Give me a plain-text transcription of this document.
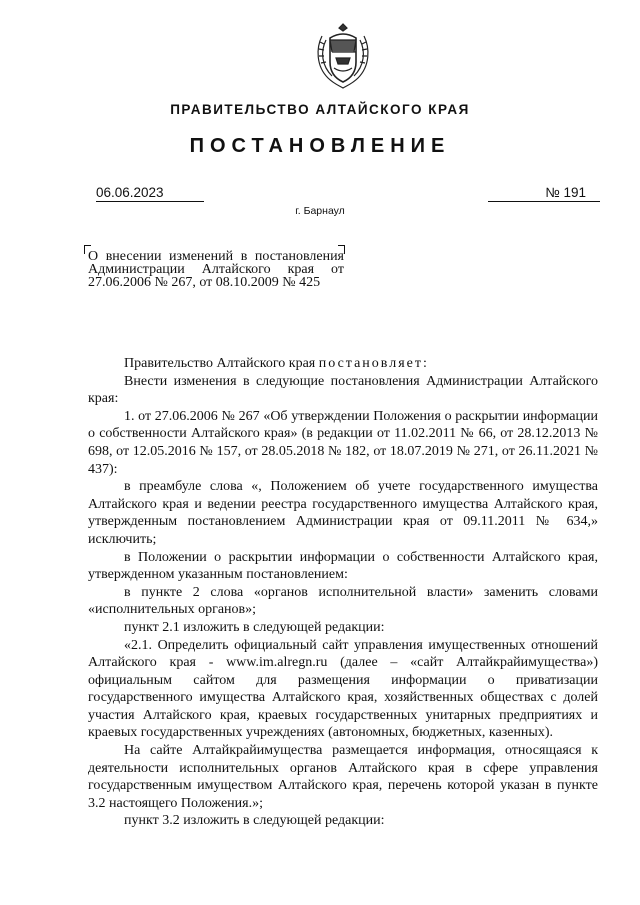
ПРАВИТЕЛЬСТВО АЛТАЙСКОГО КРАЯ
ПОСТАНОВЛЕНИЕ
06.06.2023	№ 191
г. Барнаул
О внесении изменений в постановления Администрации Алтайского края от 27.06.2006 № 267, от 08.10.2009 № 425

Правительство Алтайского края постановляет:

Внести изменения в следующие постановления Администрации Алтайского края:

1. от 27.06.2006 № 267 «Об утверждении Положения о раскрытии информации о собственности Алтайского края» (в редакции от 11.02.2011 № 66, от 28.12.2013 № 698, от 12.05.2016 № 157, от 28.05.2018 № 182, от 18.07.2019 № 271, от 26.11.2021 № 437):

в преамбуле слова «, Положением об учете государственного имущества Алтайского края и ведении реестра государственного имущества Алтайского края, утвержденным постановлением Администрации края от 09.11.2011 № 634,» исключить;

в Положении о раскрытии информации о собственности Алтайского края, утвержденном указанным постановлением:

в пункте 2 слова «органов исполнительной власти» заменить словами «исполнительных органов»;

пункт 2.1 изложить в следующей редакции:

«2.1. Определить официальный сайт управления имущественных отношений Алтайского края - www.im.alregn.ru (далее – «сайт Алтайкрайимущества») официальным сайтом для размещения информации о приватизации государственного имущества Алтайского края, хозяйственных обществах с долей участия Алтайского края, краевых государственных унитарных предприятиях и краевых государственных учреждениях (автономных, бюджетных, казенных).

На сайте Алтайкрайимущества размещается информация, относящаяся к деятельности исполнительных органов Алтайского края в сфере управления государственным имуществом Алтайского края, перечень которой указан в пункте 3.2 настоящего Положения.»;

пункт 3.2 изложить в следующей редакции:
